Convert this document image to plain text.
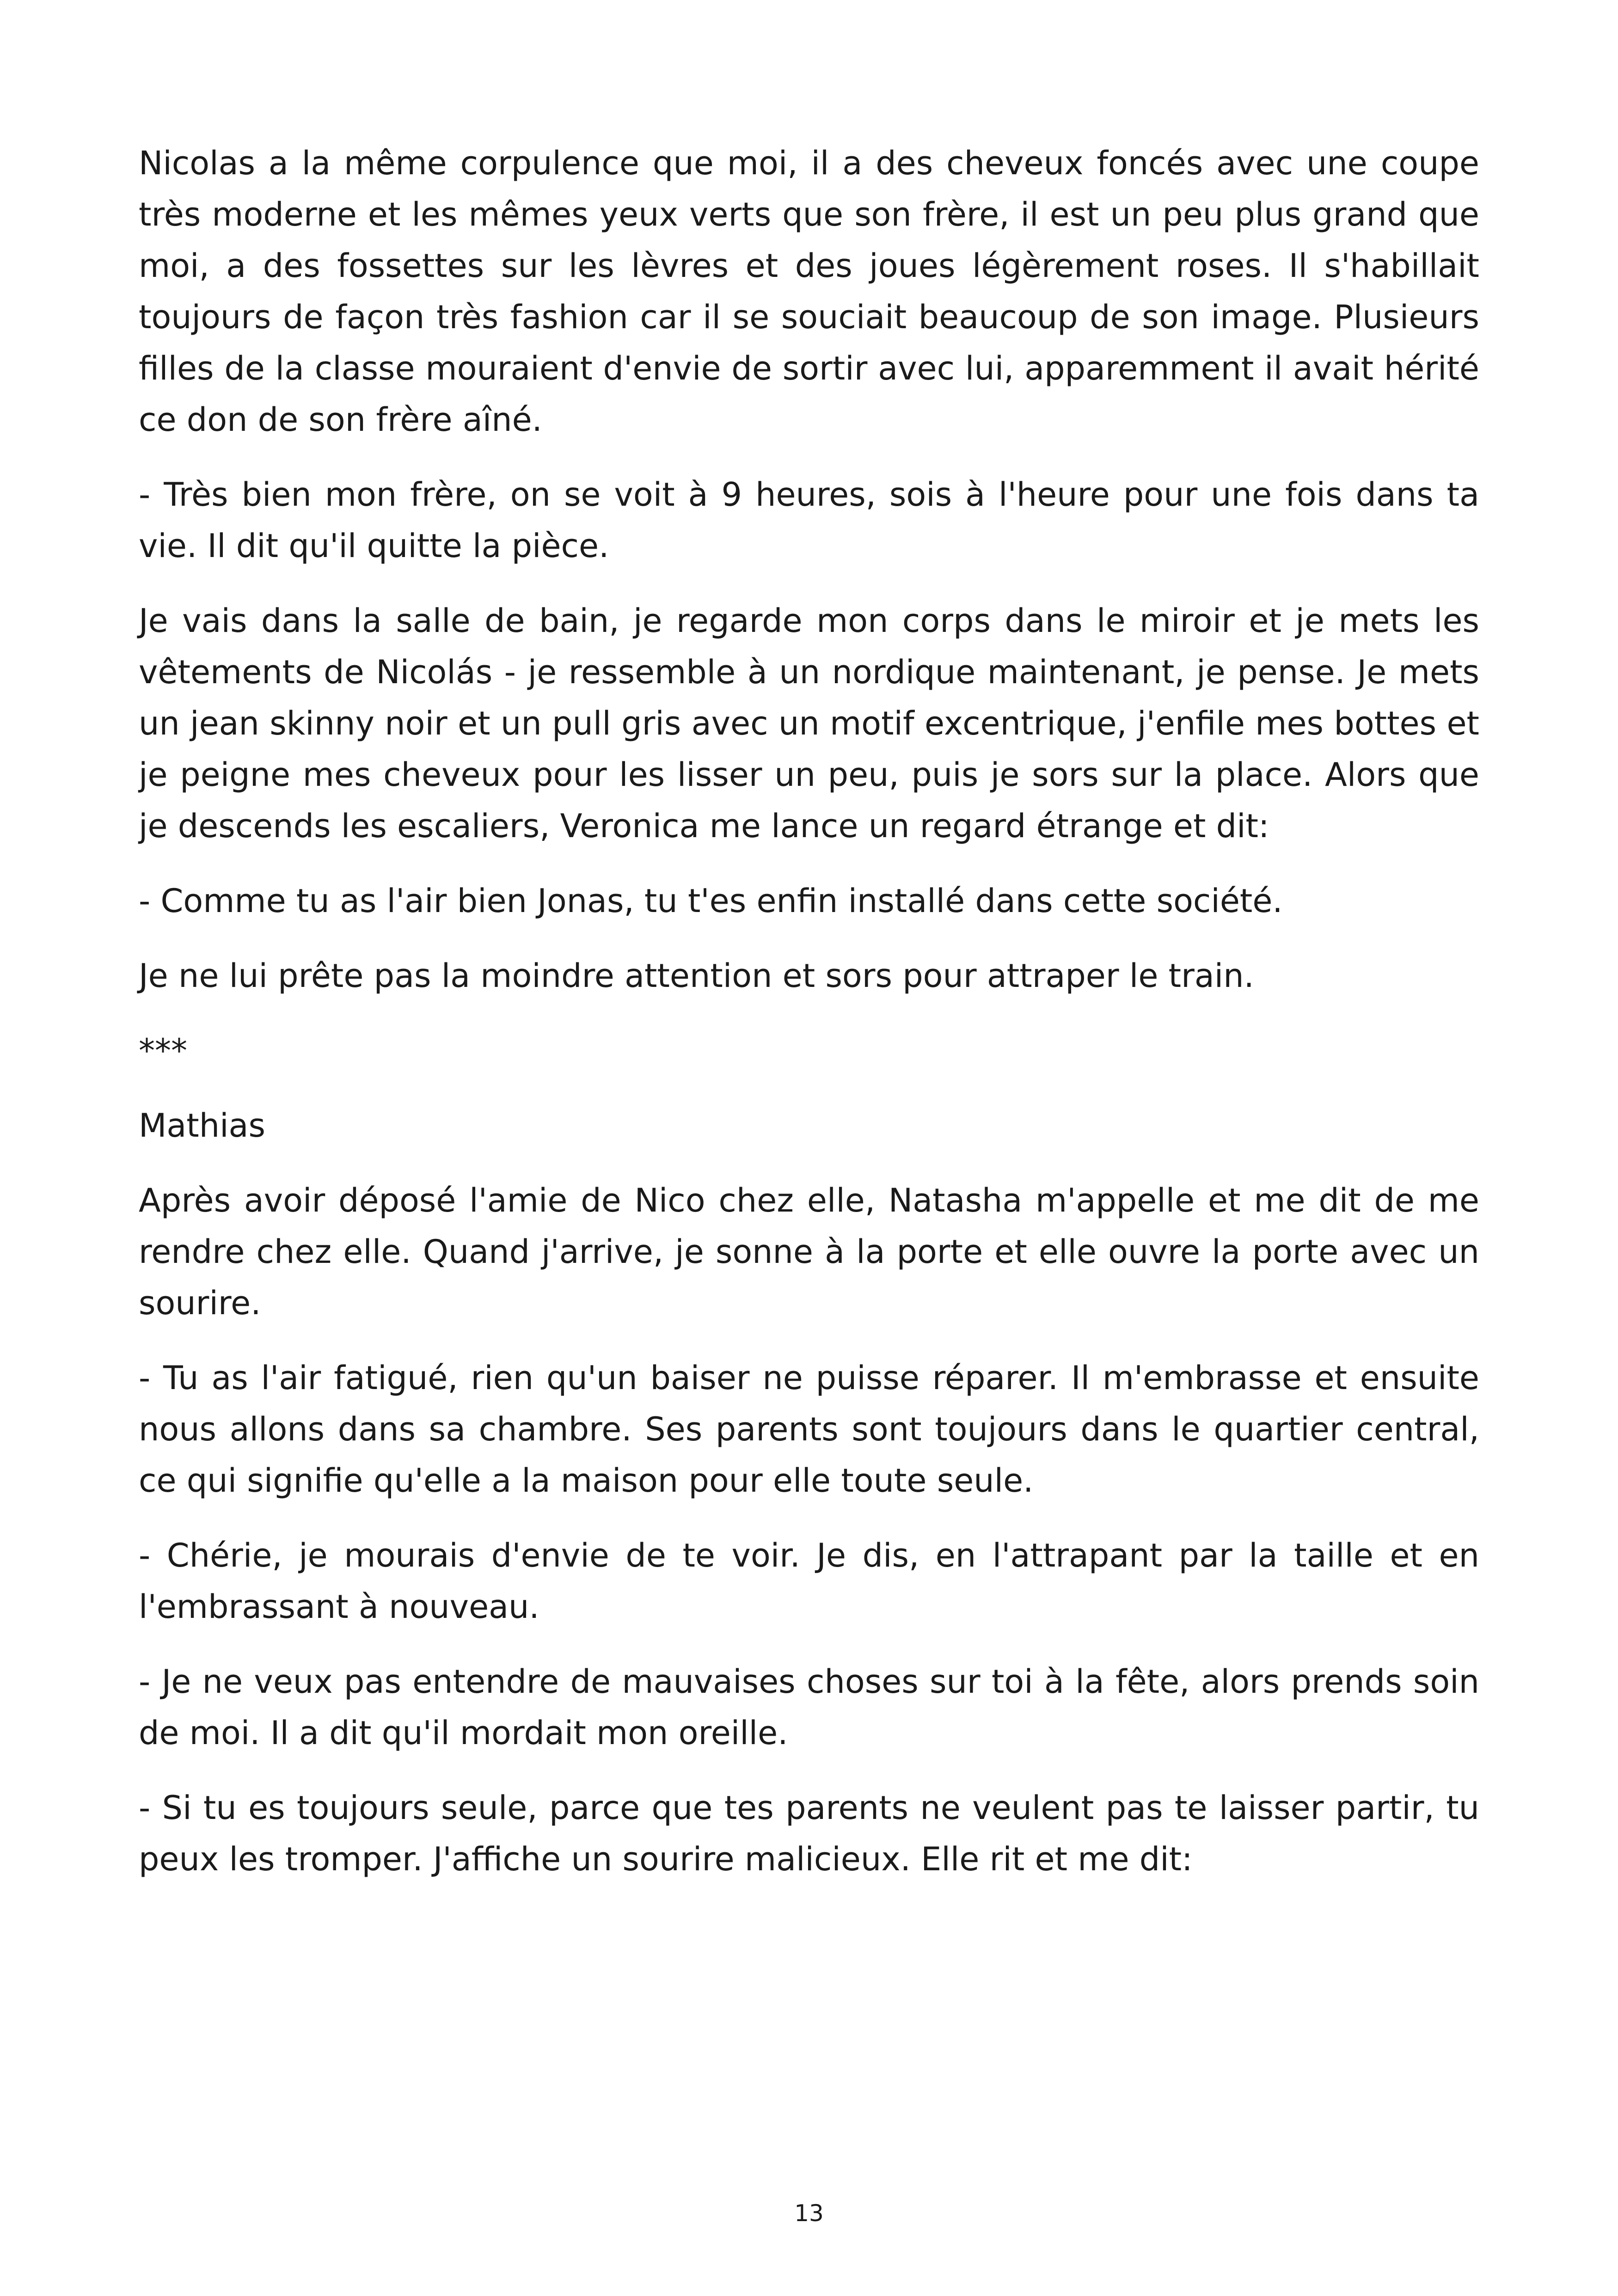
Nicolas a la même corpulence que moi, il a des cheveux foncés avec une coupe très moderne et les mêmes yeux verts que son frère, il est un peu plus grand que moi, a des fossettes sur les lèvres et des joues légèrement roses. Il s'habillait toujours de façon très fashion car il se souciait beaucoup de son image. Plusieurs filles de la classe mouraient d'envie de sortir avec lui, apparemment il avait hérité ce don de son frère aîné.

- Très bien mon frère, on se voit à 9 heures, sois à l'heure pour une fois dans ta vie. Il dit qu'il quitte la pièce.

Je vais dans la salle de bain, je regarde mon corps dans le miroir et je mets les vêtements de Nicolás - je ressemble à un nordique maintenant, je pense. Je mets un jean skinny noir et un pull gris avec un motif excentrique, j'enfile mes bottes et je peigne mes cheveux pour les lisser un peu, puis je sors sur la place. Alors que je descends les escaliers, Veronica me lance un regard étrange et dit:

- Comme tu as l'air bien Jonas, tu t'es enfin installé dans cette société.

Je ne lui prête pas la moindre attention et sors pour attraper le train.

***

Mathias

Après avoir déposé l'amie de Nico chez elle, Natasha m'appelle et me dit de me rendre chez elle. Quand j'arrive, je sonne à la porte et elle ouvre la porte avec un sourire.

- Tu as l'air fatigué, rien qu'un baiser ne puisse réparer. Il m'embrasse et ensuite nous allons dans sa chambre. Ses parents sont toujours dans le quartier central, ce qui signifie qu'elle a la maison pour elle toute seule.

- Chérie, je mourais d'envie de te voir. Je dis, en l'attrapant par la taille et en l'embrassant à nouveau.

- Je ne veux pas entendre de mauvaises choses sur toi à la fête, alors prends soin de moi. Il a dit qu'il mordait mon oreille.

- Si tu es toujours seule, parce que tes parents ne veulent pas te laisser partir, tu peux les tromper. J'affiche un sourire malicieux. Elle rit et me dit:

13
